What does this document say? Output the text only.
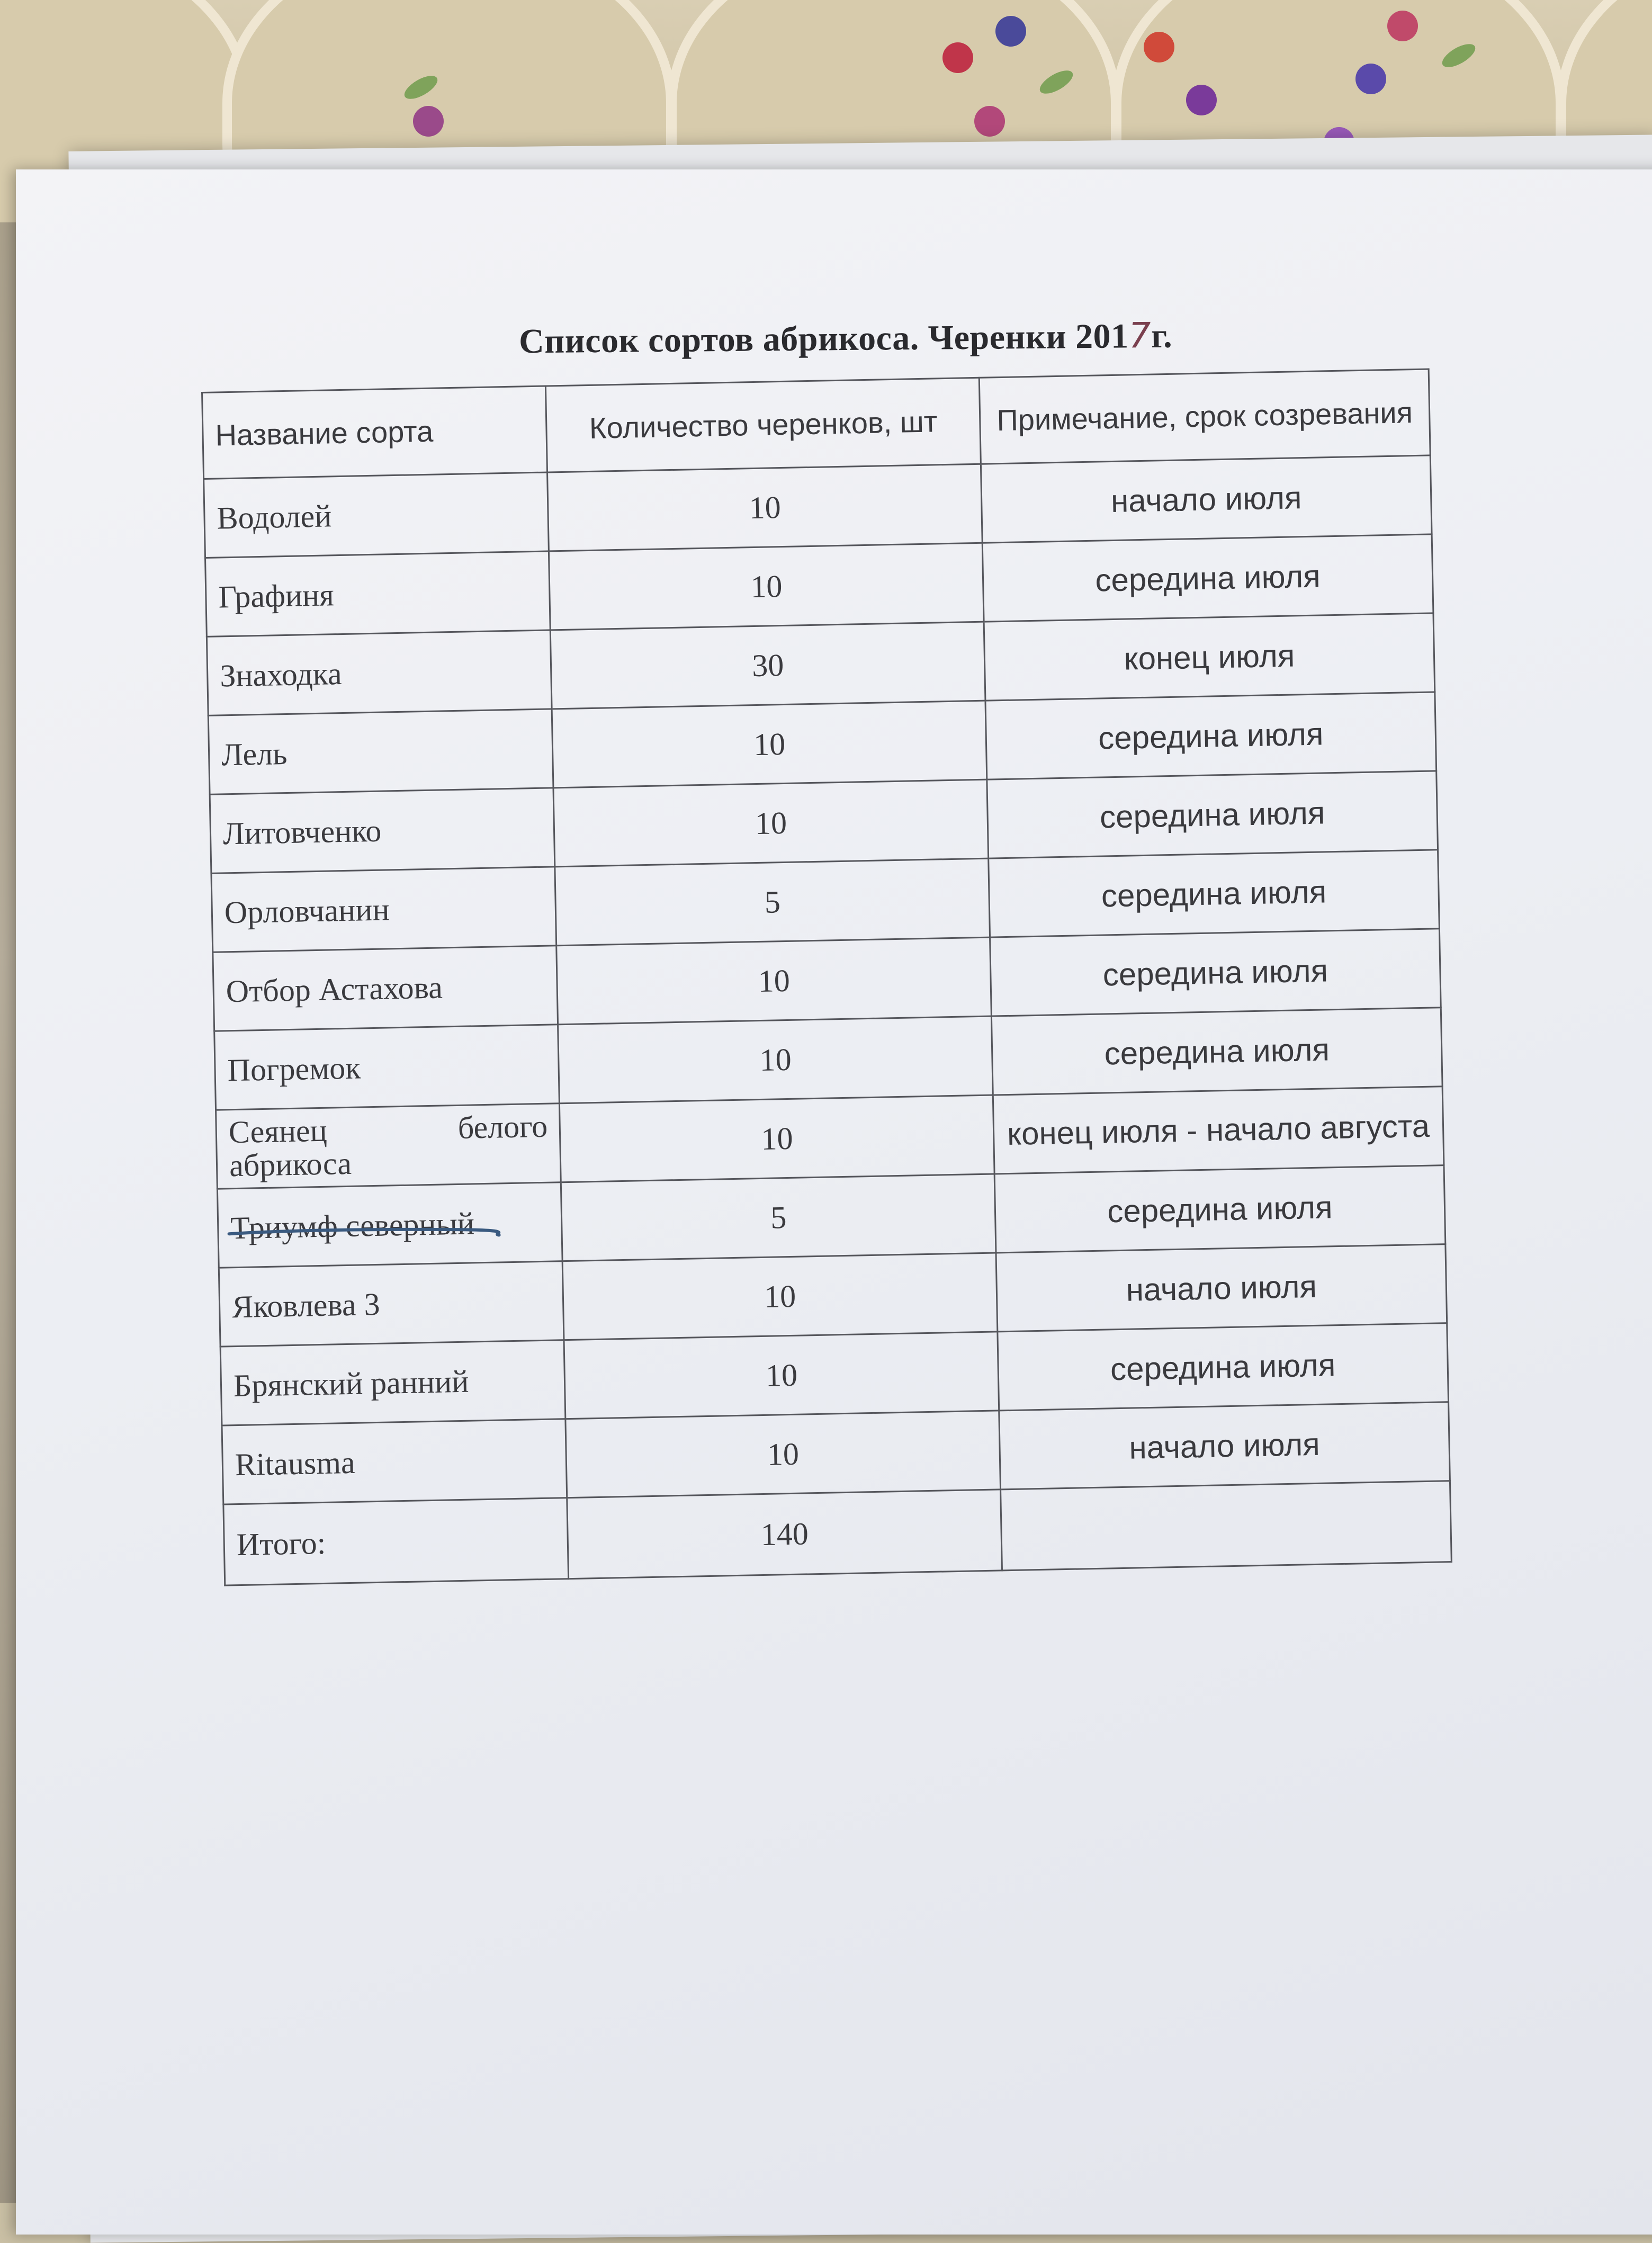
Список сортов абрикоса. Черенки 2017г.
Название сорта	Количество черенков, шт	Примечание, срок созревания
Водолей	10	начало июля
Графиня	10	середина июля
Знаходка	30	конец июля
Лель	10	середина июля
Литовченко	10	середина июля
Орловчанин	5	середина июля
Отбор Астахова	10	середина июля
Погремок	10	середина июля
Сеянец белого абрикоса	10	конец июля - начало августа
Триумф северный	5	середина июля
Яковлева 3	10	начало июля
Брянский ранний	10	середина июля
Ritausma	10	начало июля
Итого:	140	
